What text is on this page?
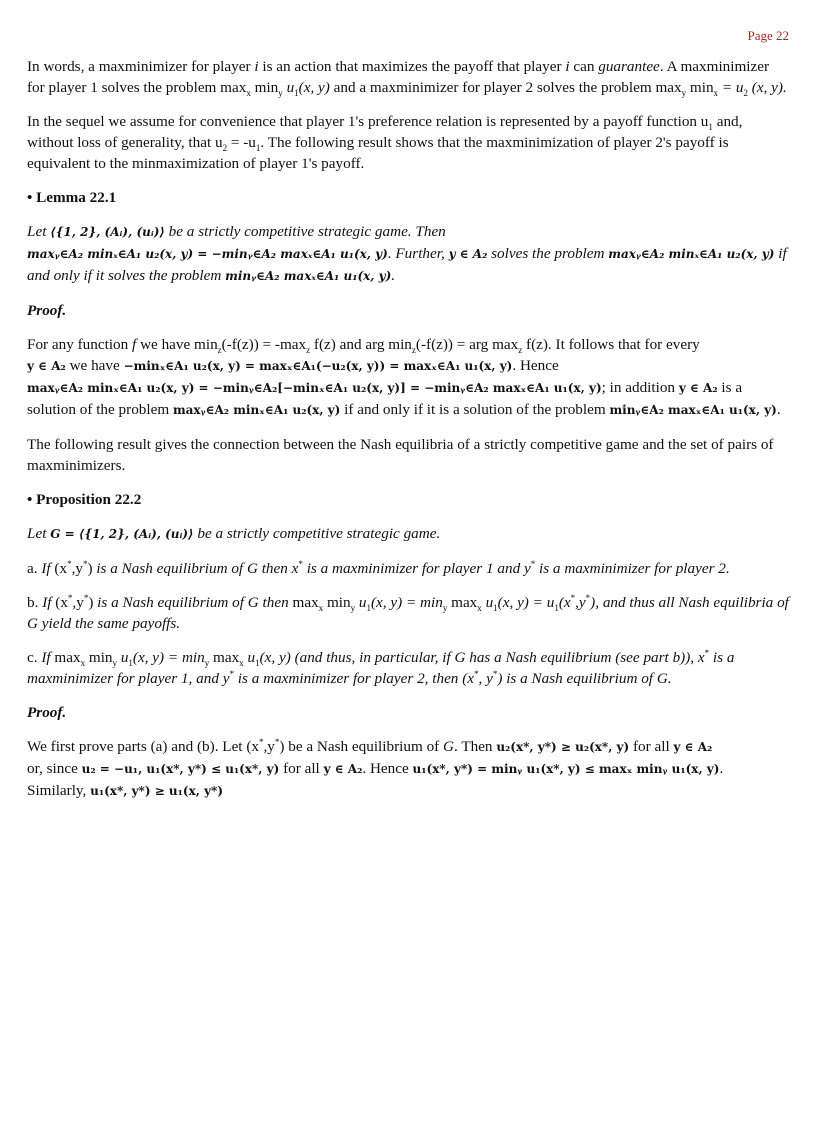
Page 22

In words, a maxminimizer for player i is an action that maximizes the payoff that player i can guarantee. A maxminimizer for player 1 solves the problem $\max_x \min_y u_1(x$, y) and a maxminimizer for player 2 solves the problem $\max_y \min_x = u_2$ (x, y).

In the sequel we assume for convenience that player 1's preference relation is represented by a payoff function $u_1$ and, without loss of generality, that $u_2 = -u_1$. The following result shows that the maxminimization of player 2's payoff is equivalent to the minmaximization of player 1's payoff.

• Lemma 22.1

Let ⟨{1, 2}, (Aᵢ), (uᵢ)⟩ be a strictly competitive strategic game. Then
maxᵧ∈A₂ minₓ∈A₁ u₂(x, y) = −minᵧ∈A₂ maxₓ∈A₁ u₁(x, y). Further, y ∈ A₂ solves the problem maxᵧ∈A₂ minₓ∈A₁ u₂(x, y) if and only if it solves the problem minᵧ∈A₂ maxₓ∈A₁ u₁(x, y).

Proof.

For any function f we have $\min_z(-f(z)) = -\max_z$ f(z) and arg $\min_z(-f(z))$ = arg $\max_z f(z)$. It follows that for every
y ∈ A₂ we have −minₓ∈A₁ u₂(x, y) = maxₓ∈A₁(−u₂(x, y)) = maxₓ∈A₁ u₁(x, y). Hence
maxᵧ∈A₂ minₓ∈A₁ u₂(x, y) = −minᵧ∈A₂[−minₓ∈A₁ u₂(x, y)] = −minᵧ∈A₂ maxₓ∈A₁ u₁(x, y); in addition y ∈ A₂ is a solution of the problem maxᵧ∈A₂ minₓ∈A₁ u₂(x, y) if and only if it is a solution of the problem minᵧ∈A₂ maxₓ∈A₁ u₁(x, y).

The following result gives the connection between the Nash equilibria of a strictly competitive game and the set of pairs of maxminimizers.

• Proposition 22.2

Let G = ⟨{1, 2}, (Aᵢ), (uᵢ)⟩ be a strictly competitive strategic game.

a. If (x*,y*) is a Nash equilibrium of G then x* is a maxminimizer for player 1 and y* is a maxminimizer for player 2.

b. If (x*,y*) is a Nash equilibrium of G then $\max_x \min_y u_1(x$, $y) = \min_y \max_x u_1(x$, $y) = u_1(x^*,y^*)$, and thus all Nash equilibria of G yield the same payoffs.

c. If $\max_x \min_y u_1(x$, $y) = \min_y \max_x u_1(x$, y) (and thus, in particular, if G has a Nash equilibrium (see part b)), x* is a maxminimizer for player 1, and y* is a maxminimizer for player 2, then (x*, y*) is a Nash equilibrium of G.

Proof.

We first prove parts (a) and (b). Let (x*,y*) be a Nash equilibrium of G. Then u₂(x*, y*) ≥ u₂(x*, y) for all y ∈ A₂
or, since u₂ = −u₁, u₁(x*, y*) ≤ u₁(x*, y) for all y ∈ A₂. Hence u₁(x*, y*) = minᵧ u₁(x*, y) ≤ maxₓ minᵧ u₁(x, y).
Similarly, u₁(x*, y*) ≥ u₁(x, y*)
